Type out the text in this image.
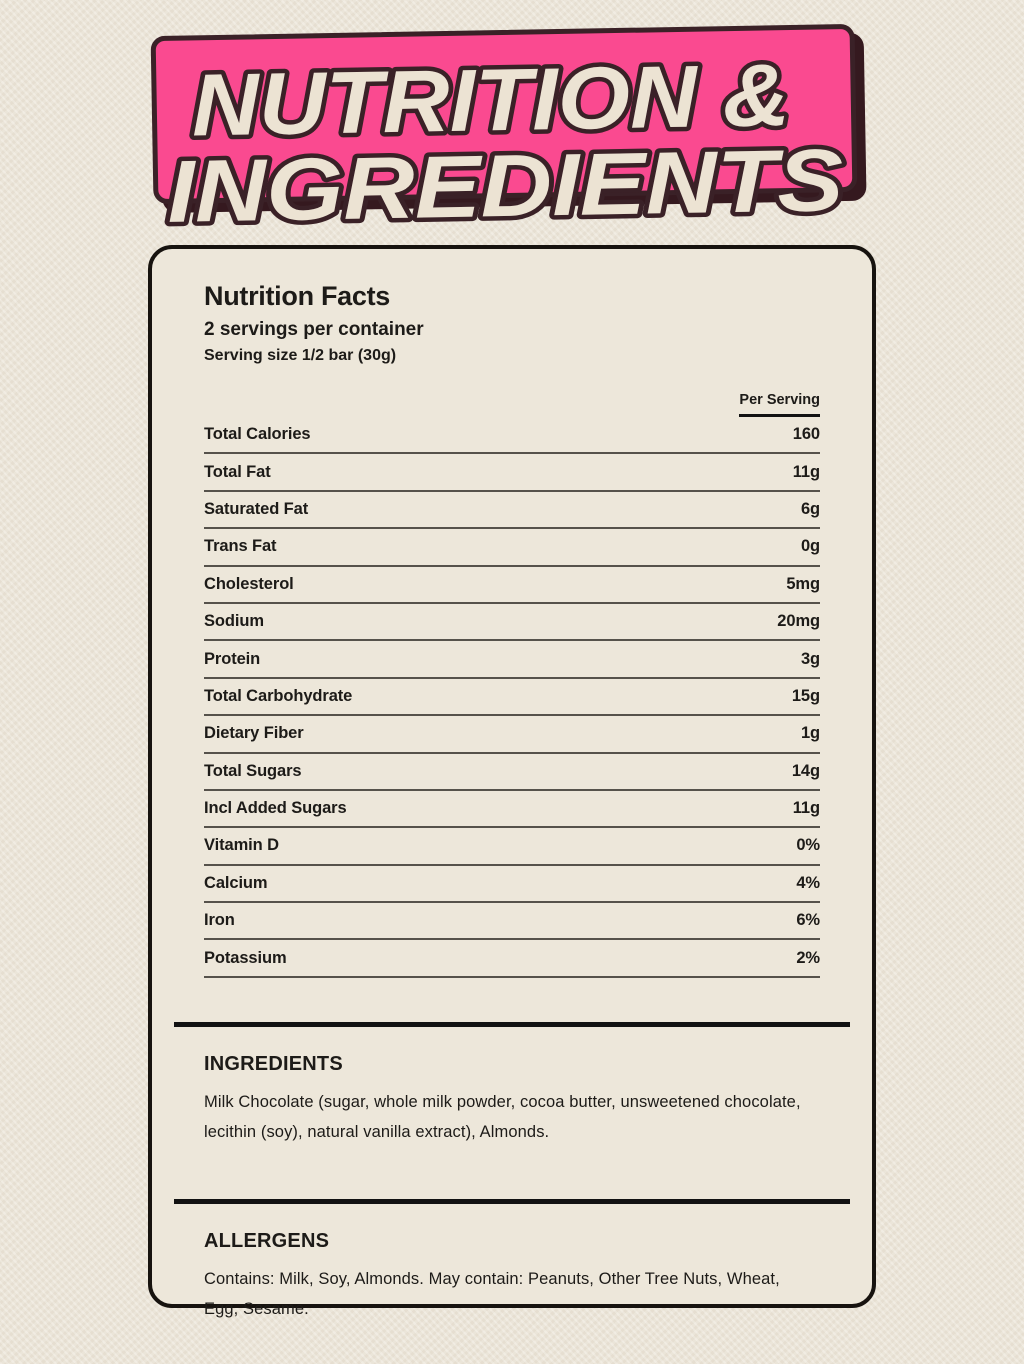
NUTRITION &
INGREDIENTS
Nutrition Facts
2 servings per container
Serving size 1/2 bar (30g)
Per Serving
Total Calories	160
Total Fat	11g
Saturated Fat	6g
Trans Fat	0g
Cholesterol	5mg
Sodium	20mg
Protein	3g
Total Carbohydrate	15g
Dietary Fiber	1g
Total Sugars	14g
Incl Added Sugars	11g
Vitamin D	0%
Calcium	4%
Iron	6%
Potassium	2%
INGREDIENTS
Milk Chocolate (sugar, whole milk powder, cocoa butter, unsweetened chocolate, lecithin (soy), natural vanilla extract), Almonds.
ALLERGENS
Contains: Milk, Soy, Almonds. May contain: Peanuts, Other Tree Nuts, Wheat, Egg, Sesame.
